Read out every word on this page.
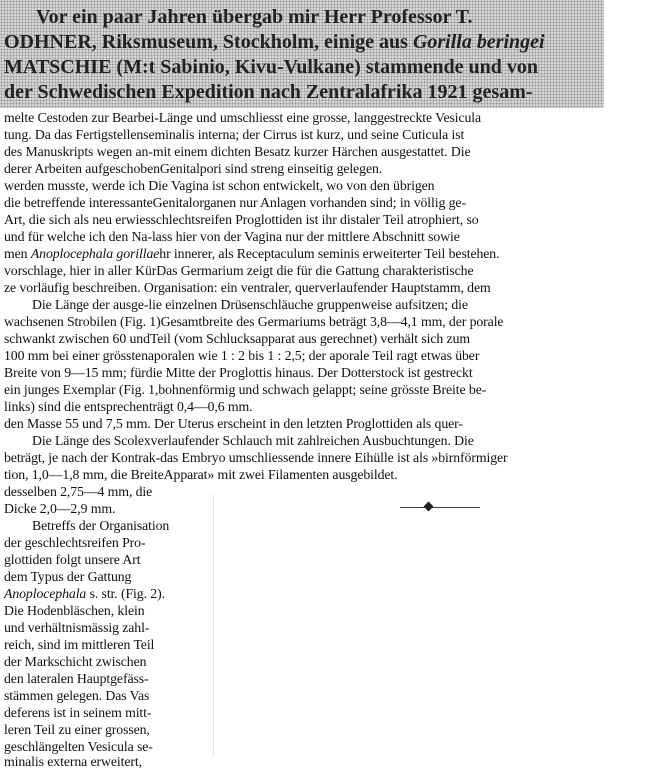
Vor ein paar Jahren übergab mir Herr Professor T.
ODHNER, Riksmuseum, Stockholm, einige aus Gorilla beringei
MATSCHIE (M:t Sabinio, Kivu-Vulkane) stammende und von
der Schwedischen Expedition nach Zentralafrika 1921 gesam-
melte Cestoden zur Bearbei-Länge und umschliesst eine grosse, langgestreckte Vesicula
tung. Da das Fertigstellenseminalis interna; der Cirrus ist kurz, und seine Cuticula ist
des Manuskripts wegen an-mit einem dichten Besatz kurzer Härchen ausgestattet. Die
derer Arbeiten aufgeschobenGenitalpori sind streng einseitig gelegen.
werden musste, werde ich Die Vagina ist schon entwickelt, wo von den übrigen
die betreffende interessanteGenitalorganen nur Anlagen vorhanden sind; in völlig ge-
Art, die sich als neu erwiesschlechtsreifen Proglottiden ist ihr distaler Teil atrophiert, so
und für welche ich den Na-lass hier von der Vagina nur der mittlere Abschnitt sowie
men Anoplocephala gorillaehr innerer, als Receptaculum seminis erweiterter Teil bestehen.
vorschlage, hier in aller KürDas Germarium zeigt die für die Gattung charakteristische
ze vorläufig beschreiben. Organisation: ein ventraler, querverlaufender Hauptstamm, dem
Die Länge der ausge-lie einzelnen Drüsenschläuche gruppenweise aufsitzen; die
wachsenen Strobilen (Fig. 1)Gesamtbreite des Germariums beträgt 3,8—4,1 mm, der porale
schwankt zwischen 60 undTeil (vom Schlucksapparat aus gerechnet) verhält sich zum
100 mm bei einer grösstenaporalen wie 1 : 2 bis 1 : 2,5; der aporale Teil ragt etwas über
Breite von 9—15 mm; fürdie Mitte der Proglottis hinaus. Der Dotterstock ist gestreckt
ein junges Exemplar (Fig. 1,bohnenförmig und schwach gelappt; seine grösste Breite be-
links) sind die entsprechenträgt 0,4—0,6 mm.
den Masse 55 und 7,5 mm. Der Uterus erscheint in den letzten Proglottiden als quer-
Die Länge des Scolexverlaufender Schlauch mit zahlreichen Ausbuchtungen. Die
beträgt, je nach der Kontrak-das Embryo umschliessende innere Eihülle ist als »birnförmiger
tion, 1,0—1,8 mm, die BreiteApparat» mit zwei Filamenten ausgebildet.
desselben 2,75—4 mm, die
Dicke 2,0—2,9 mm.
Betreffs der Organisation
der geschlechtsreifen Pro-
glottiden folgt unsere Art
dem Typus der Gattung
Anoplocephala s. str. (Fig. 2).
Die Hodenbläschen, klein
und verhältnismässig zahl-
reich, sind im mittleren Teil
der Markschicht zwischen
den lateralen Hauptgefäss-
stämmen gelegen. Das Vas
deferens ist in seinem mitt-
leren Teil zu einer grossen,
geschlängelten Vesicula se-
minalis externa erweitert,
